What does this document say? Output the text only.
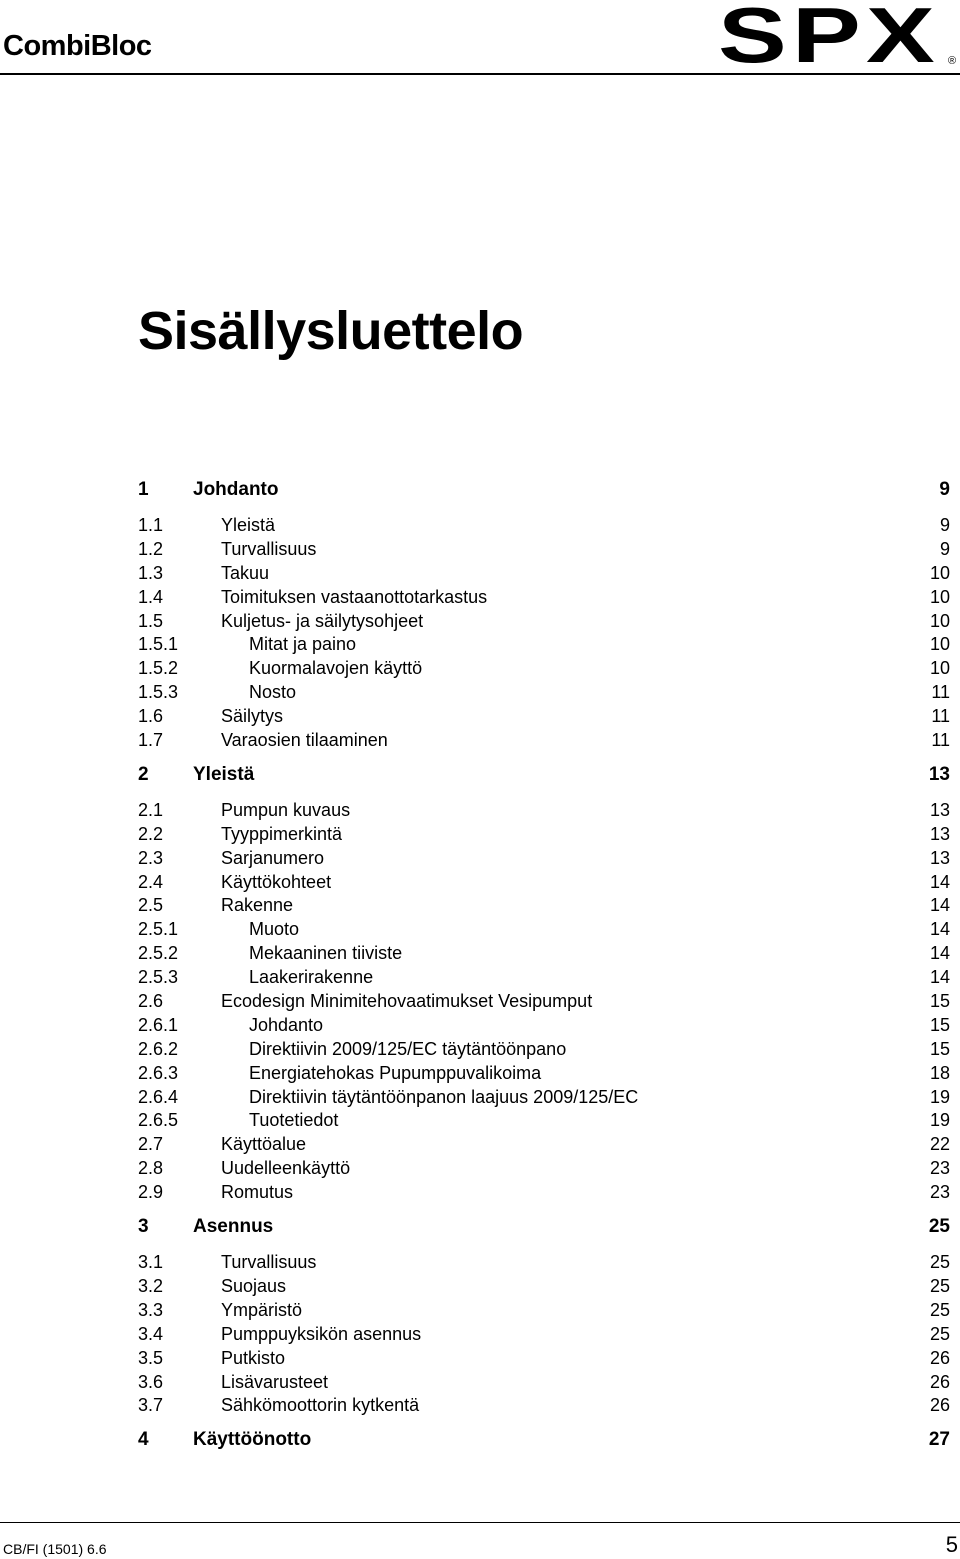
CombiBloc	SPX ®
Sisällysluettelo
1	Johdanto	9
1.1	Yleistä	9
1.2	Turvallisuus	9
1.3	Takuu	10
1.4	Toimituksen vastaanottotarkastus	10
1.5	Kuljetus- ja säilytysohjeet	10
1.5.1	Mitat ja paino	10
1.5.2	Kuormalavojen käyttö	10
1.5.3	Nosto	11
1.6	Säilytys	11
1.7	Varaosien tilaaminen	11
2	Yleistä	13
2.1	Pumpun kuvaus	13
2.2	Tyyppimerkintä	13
2.3	Sarjanumero	13
2.4	Käyttökohteet	14
2.5	Rakenne	14
2.5.1	Muoto	14
2.5.2	Mekaaninen tiiviste	14
2.5.3	Laakerirakenne	14
2.6	Ecodesign Minimitehovaatimukset Vesipumput	15
2.6.1	Johdanto	15
2.6.2	Direktiivin 2009/125/EC täytäntöönpano	15
2.6.3	Energiatehokas Pupumppuvalikoima	18
2.6.4	Direktiivin täytäntöönpanon laajuus 2009/125/EC	19
2.6.5	Tuotetiedot	19
2.7	Käyttöalue	22
2.8	Uudelleenkäyttö	23
2.9	Romutus	23
3	Asennus	25
3.1	Turvallisuus	25
3.2	Suojaus	25
3.3	Ympäristö	25
3.4	Pumppuyksikön asennus	25
3.5	Putkisto	26
3.6	Lisävarusteet	26
3.7	Sähkömoottorin kytkentä	26
4	Käyttöönotto	27
CB/FI (1501) 6.6	5
